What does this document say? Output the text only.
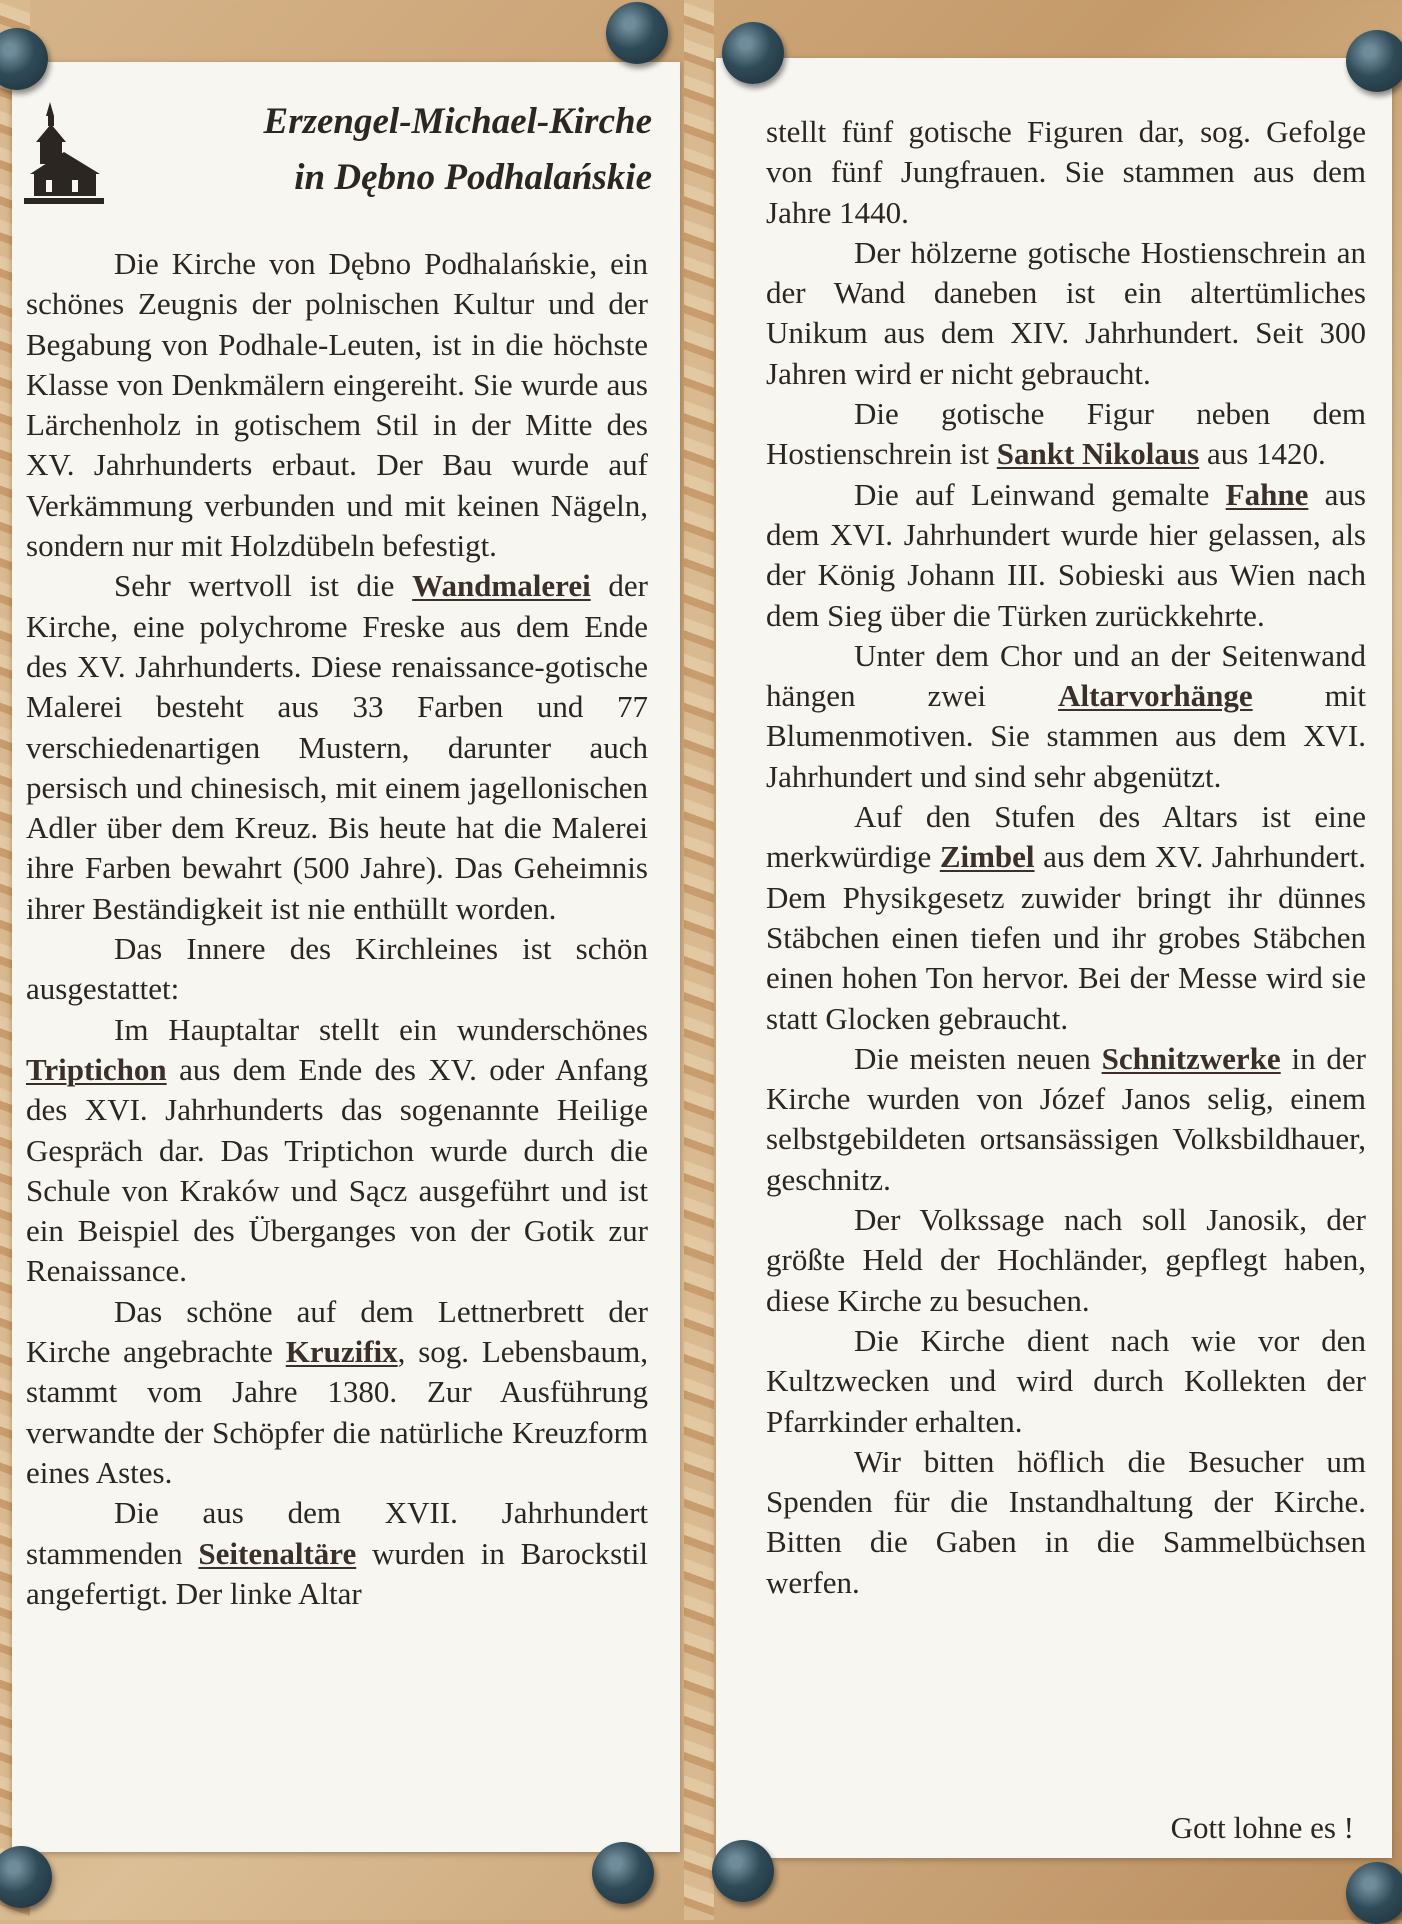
Erzengel-Michael-Kirche
in Dębno Podhalańskie

Die Kirche von Dębno Podhalańskie, ein schönes Zeugnis der polnischen Kultur und der Begabung von Podhale-Leuten, ist in die höchste Klasse von Denkmälern eingereiht. Sie wurde aus Lärchenholz in gotischem Stil in der Mitte des XV. Jahrhunderts erbaut. Der Bau wurde auf Verkämmung verbunden und mit keinen Nägeln, sondern nur mit Holzdübeln befestigt.

Sehr wertvoll ist die Wandmalerei der Kirche, eine polychrome Freske aus dem Ende des XV. Jahrhunderts. Diese renaissance-gotische Malerei besteht aus 33 Farben und 77 verschiedenartigen Mustern, darunter auch persisch und chinesisch, mit einem jagellonischen Adler über dem Kreuz. Bis heute hat die Malerei ihre Farben bewahrt (500 Jahre). Das Geheimnis ihrer Beständigkeit ist nie enthüllt worden.

Das Innere des Kirchleines ist schön ausgestattet:

Im Hauptaltar stellt ein wunderschönes Triptichon aus dem Ende des XV. oder Anfang des XVI. Jahrhunderts das sogenannte Heilige Gespräch dar. Das Triptichon wurde durch die Schule von Kraków und Sącz ausgeführt und ist ein Beispiel des Überganges von der Gotik zur Renaissance.

Das schöne auf dem Lettnerbrett der Kirche angebrachte Kruzifix, sog. Lebensbaum, stammt vom Jahre 1380. Zur Ausführung verwandte der Schöpfer die natürliche Kreuzform eines Astes.

Die aus dem XVII. Jahrhundert stammenden Seitenaltäre wurden in Barockstil angefertigt. Der linke Altar

stellt fünf gotische Figuren dar, sog. Gefolge von fünf Jungfrauen. Sie stammen aus dem Jahre 1440.

Der hölzerne gotische Hostienschrein an der Wand daneben ist ein altertümliches Unikum aus dem XIV. Jahrhundert. Seit 300 Jahren wird er nicht gebraucht.

Die gotische Figur neben dem Hostienschrein ist Sankt Nikolaus aus 1420.

Die auf Leinwand gemalte Fahne aus dem XVI. Jahrhundert wurde hier gelassen, als der König Johann III. Sobieski aus Wien nach dem Sieg über die Türken zurückkehrte.

Unter dem Chor und an der Seitenwand hängen zwei Altarvorhänge mit Blumenmotiven. Sie stammen aus dem XVI. Jahrhundert und sind sehr abgenützt.

Auf den Stufen des Altars ist eine merkwürdige Zimbel aus dem XV. Jahrhundert. Dem Physikgesetz zuwider bringt ihr dünnes Stäbchen einen tiefen und ihr grobes Stäbchen einen hohen Ton hervor. Bei der Messe wird sie statt Glocken gebraucht.

Die meisten neuen Schnitzwerke in der Kirche wurden von Józef Janos selig, einem selbstgebildeten ortsansässigen Volksbildhauer, geschnitz.

Der Volkssage nach soll Janosik, der größte Held der Hochländer, gepflegt haben, diese Kirche zu besuchen.

Die Kirche dient nach wie vor den Kultzwecken und wird durch Kollekten der Pfarrkinder erhalten.

Wir bitten höflich die Besucher um Spenden für die Instandhaltung der Kirche. Bitten die Gaben in die Sammelbüchsen werfen.

Gott lohne es !
